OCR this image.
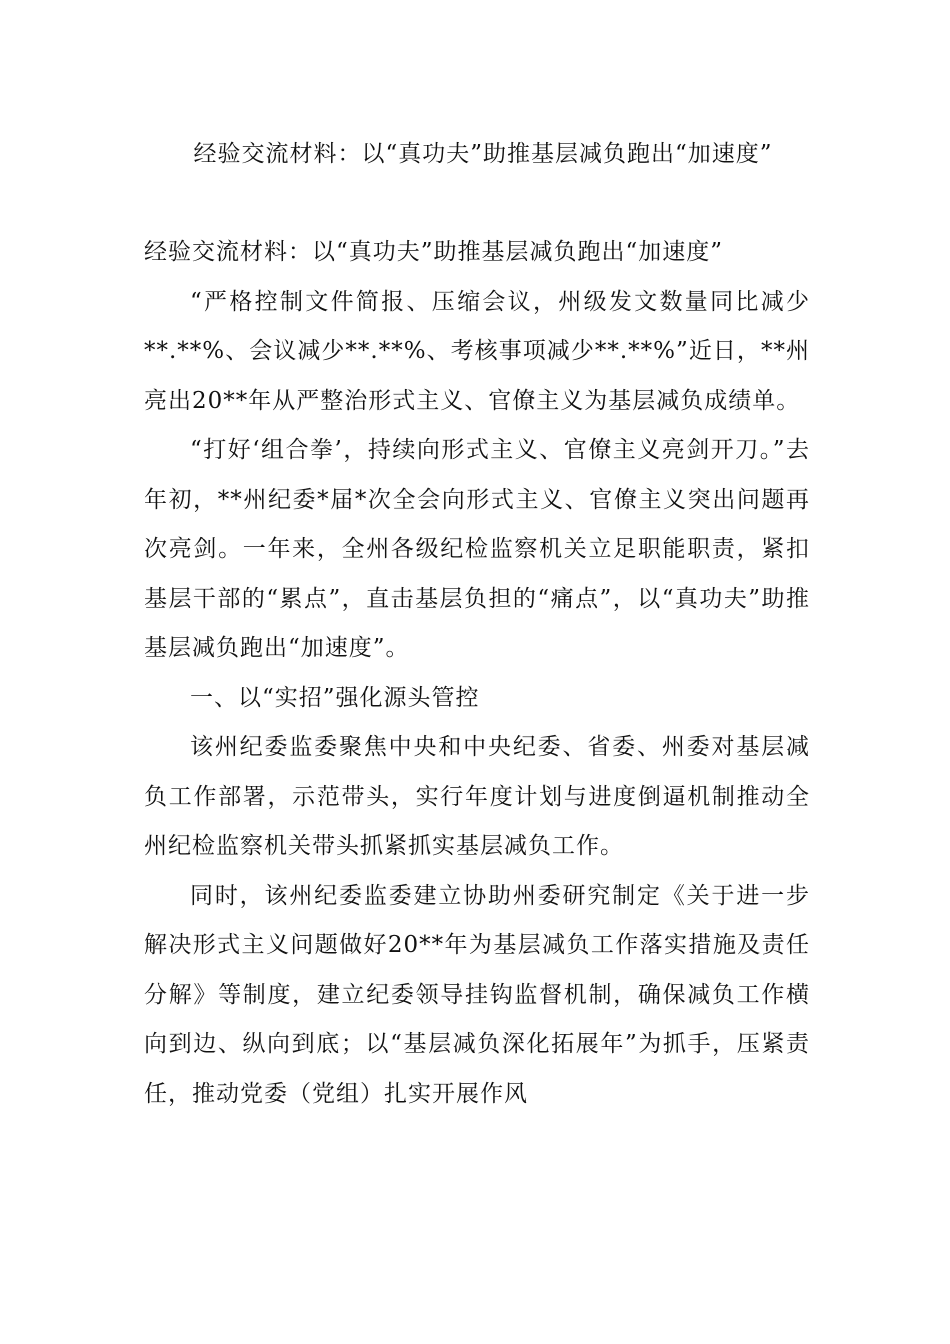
经验交流材料：以“真功夫”助推基层减负跑出“加速度”

经验交流材料：以“真功夫”助推基层减负跑出“加速度”

“严格控制文件简报、压缩会议，州级发文数量同比减少**.**%、会议减少**.**%、考核事项减少**.**%”近日，**州亮出20**年从严整治形式主义、官僚主义为基层减负成绩单。

“打好‘组合拳’，持续向形式主义、官僚主义亮剑开刀。”去年初，**州纪委*届*次全会向形式主义、官僚主义突出问题再次亮剑。一年来，全州各级纪检监察机关立足职能职责，紧扣基层干部的“累点”，直击基层负担的“痛点”，以“真功夫”助推基层减负跑出“加速度”。

一、以“实招”强化源头管控

该州纪委监委聚焦中央和中央纪委、省委、州委对基层减负工作部署，示范带头，实行年度计划与进度倒逼机制推动全州纪检监察机关带头抓紧抓实基层减负工作。

同时，该州纪委监委建立协助州委研究制定《关于进一步解决形式主义问题做好20**年为基层减负工作落实措施及责任分解》等制度，建立纪委领导挂钩监督机制，确保减负工作横向到边、纵向到底；以“基层减负深化拓展年”为抓手，压紧责任，推动党委（党组）扎实开展作风
